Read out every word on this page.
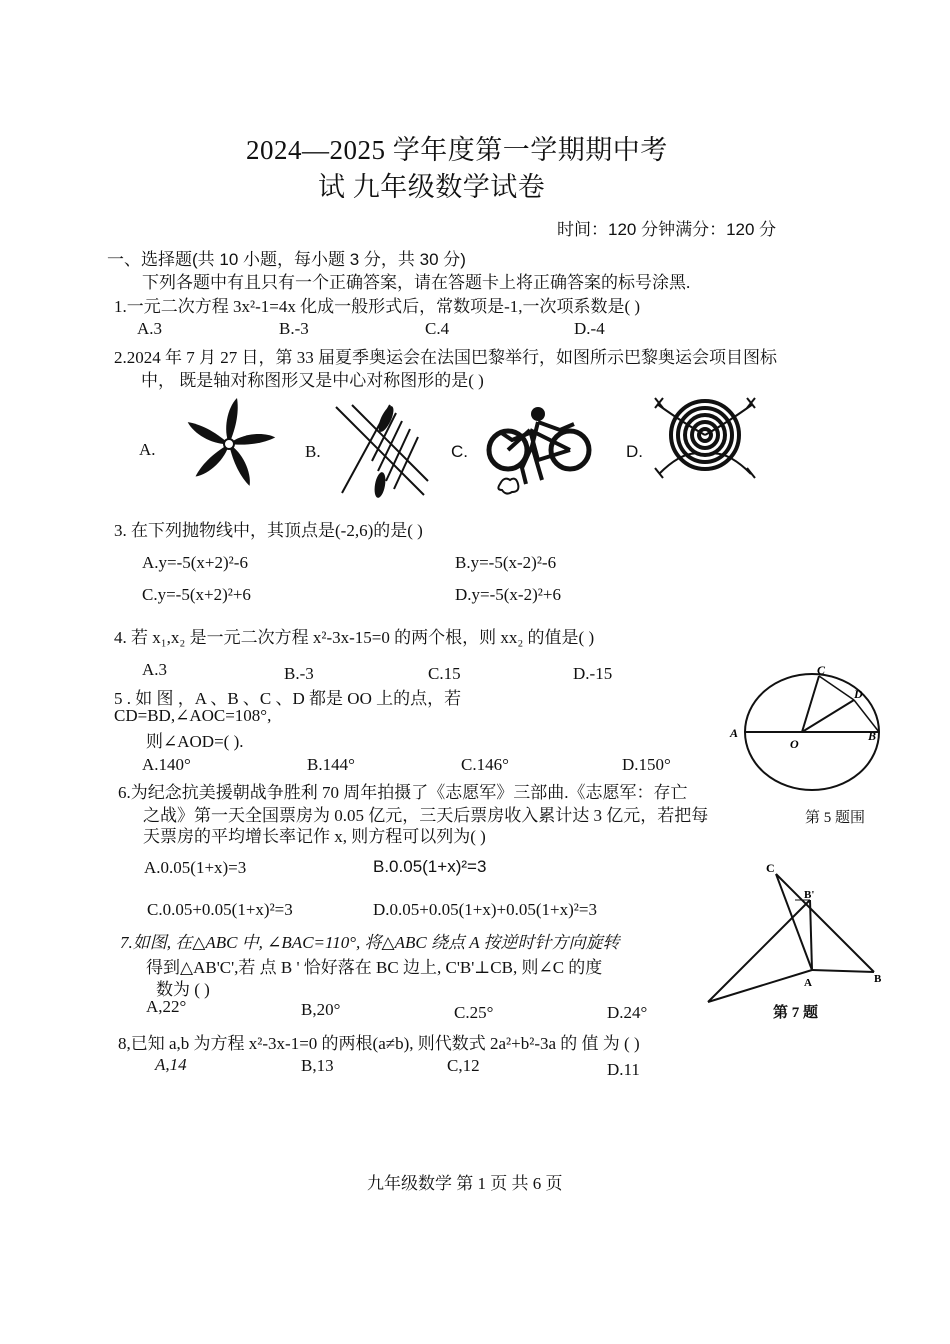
2024—2025 学年度第一学期期中考
试 九年级数学试卷
时间：120 分钟满分：120 分
一、选择题(共 10 小题，每小题 3 分，共 30 分)
下列各题中有且只有一个正确答案，请在答题卡上将正确答案的标号涂黑.
1.一元二次方程 3x²-1=4x 化成一般形式后，常数项是-1,一次项系数是( )
A.3	B.-3	C.4	D.-4
2.2024 年 7 月 27 日，第 33 届夏季奥运会在法国巴黎举行，如图所示巴黎奥运会项目图标
中， 既是轴对称图形又是中心对称图形的是( )
A.	B.	C.	D.
3. 在下列抛物线中，其顶点是(-2,6)的是( )
A.y=-5(x+2)²-6	B.y=-5(x-2)²-6
C.y=-5(x+2)²+6	D.y=-5(x-2)²+6
4. 若 x₁,x₂ 是一元二次方程 x²-3x-15=0 的两个根，则 xx₂ 的值是( )
A.3	B.-3	C.15	D.-15
5 . 如 图 ，A 、B 、C 、D 都是 OO 上的点，若
CD=BD,∠AOC=108°,
则∠AOD=( ).
A.140°	B.144°	C.146°	D.150°
A
O
B
C
D
第 5 题围
6.为纪念抗美援朝战争胜利 70 周年拍摄了《志愿军》三部曲.《志愿军：存亡
之战》第一天全国票房为 0.05 亿元，三天后票房收入累计达 3 亿元，若把每
天票房的平均增长率记作 x, 则方程可以列为( )
A.0.05(1+x)=3	B.0.05(1+x)²=3
C.0.05+0.05(1+x)²=3	D.0.05+0.05(1+x)+0.05(1+x)²=3
7.如图, 在△ABC 中, ∠BAC=110°, 将△ABC 绕点 A 按逆时针方向旋转
得到△AB'C',若 点 B ' 恰好落在 BC 边上, C'B'⊥CB, 则∠C 的度
数为 ( )
A,22°	B,20°	C.25°	D.24°
C
B'
A	B
第 7 题
8,已知 a,b 为方程 x²-3x-1=0 的两根(a≠b), 则代数式 2a²+b²-3a 的 值 为 ( )
A,14	B,13	C,12	D.11
九年级数学 第 1 页 共 6 页
